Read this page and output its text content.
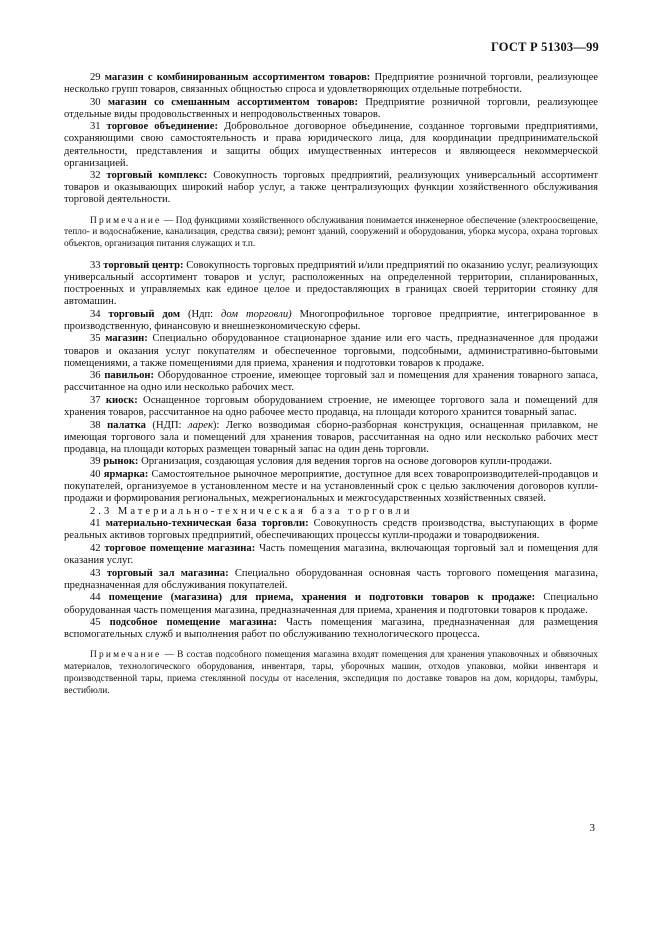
ГОСТ Р 51303—99

29 магазин с комбинированным ассортиментом товаров: Предприятие розничной торговли, реализующее несколько групп товаров, связанных общностью спроса и удовлетворяющих отдельные потребности.

30 магазин со смешанным ассортиментом товаров: Предприятие розничной торговли, реализующее отдельные виды продовольственных и непродовольственных товаров.

31 торговое объединение: Добровольное договорное объединение, созданное торговыми предприятиями, сохраняющими свою самостоятельность и права юридического лица, для координации предпринимательской деятельности, представления и защиты общих имущественных интересов и являющееся некоммерческой организацией.

32 торговый комплекс: Совокупность торговых предприятий, реализующих универсальный ассортимент товаров и оказывающих широкий набор услуг, а также централизующих функции хозяйственного обслуживания торговой деятельности.

Примечание — Под функциями хозяйственного обслуживания понимается инженерное обеспечение (электроосвещение, тепло- и водоснабжение, канализация, средства связи); ремонт зданий, сооружений и оборудования, уборка мусора, охрана торговых объектов, организация питания служащих и т.п.

33 торговый центр: Совокупность торговых предприятий и/или предприятий по оказанию услуг, реализующих универсальный ассортимент товаров и услуг, расположенных на определенной территории, спланированных, построенных и управляемых как единое целое и предоставляющих в границах своей территории стоянку для автомашин.

34 торговый дом (Ндп: дом торговли) Многопрофильное торговое предприятие, интегрированное в производственную, финансовую и внешнеэкономическую сферы.

35 магазин: Специально оборудованное стационарное здание или его часть, предназначенное для продажи товаров и оказания услуг покупателям и обеспеченное торговыми, подсобными, административно-бытовыми помещениями, а также помещениями для приема, хранения и подготовки товаров к продаже.

36 павильон: Оборудованное строение, имеющее торговый зал и помещения для хранения товарного запаса, рассчитанное на одно или несколько рабочих мест.

37 киоск: Оснащенное торговым оборудованием строение, не имеющее торгового зала и помещений для хранения товаров, рассчитанное на одно рабочее место продавца, на площади которого хранится товарный запас.

38 палатка (НДП: ларек): Легко возводимая сборно-разборная конструкция, оснащенная прилавком, не имеющая торгового зала и помещений для хранения товаров, рассчитанная на одно или несколько рабочих мест продавца, на площади которых размещен товарный запас на один день торговли.

39 рынок: Организация, создающая условия для ведения торгов на основе договоров купли-продажи.

40 ярмарка: Самостоятельное рыночное мероприятие, доступное для всех товаропроизводителей-продавцов и покупателей, организуемое в установленном месте и на установленный срок с целью заключения договоров купли-продажи и формирования региональных, межрегиональных и межгосударственных хозяйственных связей.

2.3 Материально-техническая база торговли

41 материально-техническая база торговли: Совокупность средств производства, выступающих в форме реальных активов торговых предприятий, обеспечивающих процессы купли-продажи и товародвижения.

42 торговое помещение магазина: Часть помещения магазина, включающая торговый зал и помещения для оказания услуг.

43 торговый зал магазина: Специально оборудованная основная часть торгового помещения магазина, предназначенная для обслуживания покупателей.

44 помещение (магазина) для приема, хранения и подготовки товаров к продаже: Специально оборудованная часть помещения магазина, предназначенная для приема, хранения и подготовки товаров к продаже.

45 подсобное помещение магазина: Часть помещения магазина, предназначенная для размещения вспомогательных служб и выполнения работ по обслуживанию технологического процесса.

Примечание — В состав подсобного помещения магазина входят помещения для хранения упаковочных и обвязочных материалов, технологического оборудования, инвентаря, тары, уборочных машин, отходов упаковки, мойки инвентаря и производственной тары, приема стеклянной посуды от населения, экспедиция по доставке товаров на дом, коридоры, тамбуры, вестибюли.

3
